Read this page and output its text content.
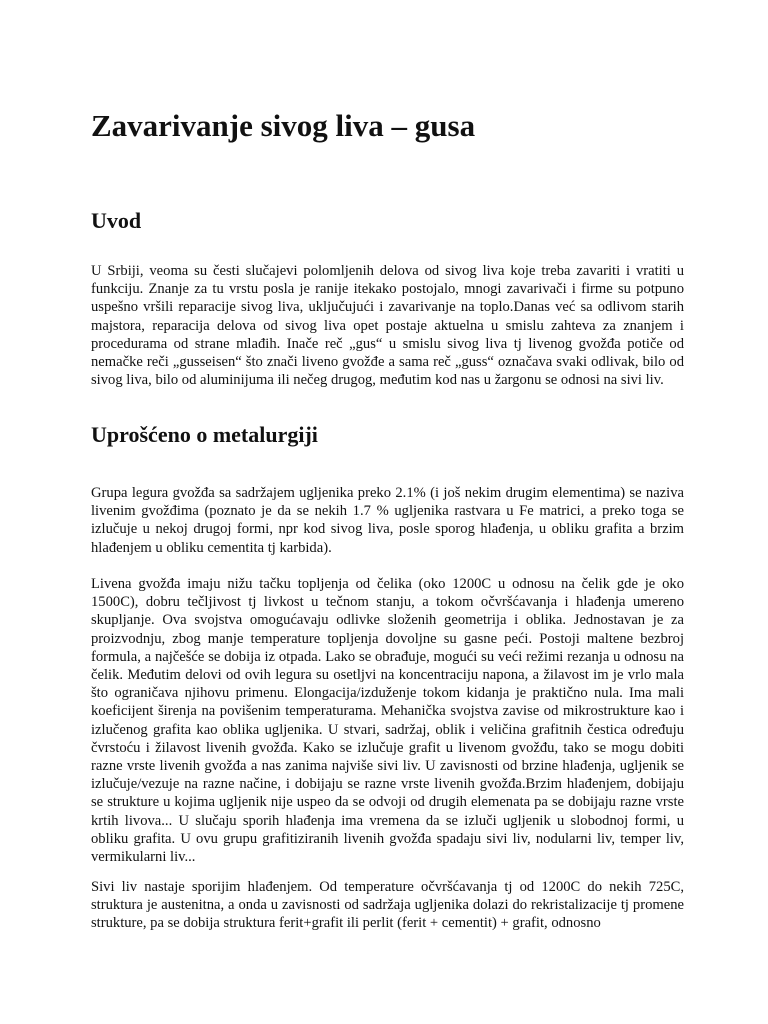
Zavarivanje sivog liva – gusa
Uvod

U Srbiji, veoma su česti slučajevi polomljenih delova od sivog liva koje treba zavariti i vratiti u funkciju. Znanje za tu vrstu posla je ranije itekako postojalo, mnogi zavarivači i firme su potpuno uspešno vršili reparacije sivog liva, uključujući i zavarivanje na toplo.Danas već sa odlivom starih majstora, reparacija delova od sivog liva opet postaje aktuelna u smislu zahteva za znanjem i procedurama od strane mlađih. Inače reč „gus“ u smislu sivog liva tj livenog gvožđa potiče od nemačke reči „gusseisen“ što znači liveno gvožđe a sama reč „guss“ označava svaki odlivak, bilo od sivog liva, bilo od aluminijuma ili nečeg drugog, međutim kod nas u žargonu se odnosi na sivi liv.

Uprošćeno o metalurgiji

Grupa legura gvožđa sa sadržajem ugljenika preko 2.1% (i još nekim drugim elementima) se naziva livenim gvožđima (poznato je da se nekih 1.7 % ugljenika rastvara u Fe matrici, a preko toga se izlučuje u nekoj drugoj formi, npr kod sivog liva, posle sporog hlađenja, u obliku grafita a brzim hlađenjem u obliku cementita tj karbida).

Livena gvožđa imaju nižu tačku topljenja od čelika (oko 1200C u odnosu na čelik gde je oko 1500C), dobru tečljivost tj livkost u tečnom stanju, a tokom očvršćavanja i hlađenja umereno skupljanje. Ova svojstva omogućavaju odlivke složenih geometrija i oblika. Jednostavan je za proizvodnju, zbog manje temperature topljenja dovoljne su gasne peći. Postoji maltene bezbroj formula, a najčešće se dobija iz otpada. Lako se obrađuje, mogući su veći režimi rezanja u odnosu na čelik. Međutim delovi od ovih legura su osetljvi na koncentraciju napona, a žilavost im je vrlo mala što ograničava njihovu primenu. Elongacija/izduženje tokom kidanja je praktično nula. Ima mali koeficijent širenja na povišenim temperaturama. Mehanička svojstva zavise od mikrostrukture kao i izlučenog grafita kao oblika ugljenika. U stvari, sadržaj, oblik i veličina grafitnih čestica određuju čvrstoću i žilavost livenih gvožđa. Kako se izlučuje grafit u livenom gvožđu, tako se mogu dobiti razne vrste livenih gvožđa a nas zanima najviše sivi liv. U zavisnosti od brzine hlađenja, ugljenik se izlučuje/vezuje na razne načine, i dobijaju se razne vrste livenih gvožđa.Brzim hlađenjem, dobijaju se strukture u kojima ugljenik nije uspeo da se odvoji od drugih elemenata pa se dobijaju razne vrste krtih livova... U slučaju sporih hlađenja ima vremena da se izluči ugljenik u slobodnoj formi, u obliku grafita. U ovu grupu grafitiziranih livenih gvožđa spadaju sivi liv, nodularni liv, temper liv, vermikularni liv...

Sivi liv nastaje sporijim hlađenjem. Od temperature očvršćavanja tj od 1200C do nekih 725C, struktura je austenitna, a onda u zavisnosti od sadržaja ugljenika dolazi do rekristalizacije tj promene strukture, pa se dobija struktura ferit+grafit ili perlit (ferit + cementit) + grafit, odnosno
